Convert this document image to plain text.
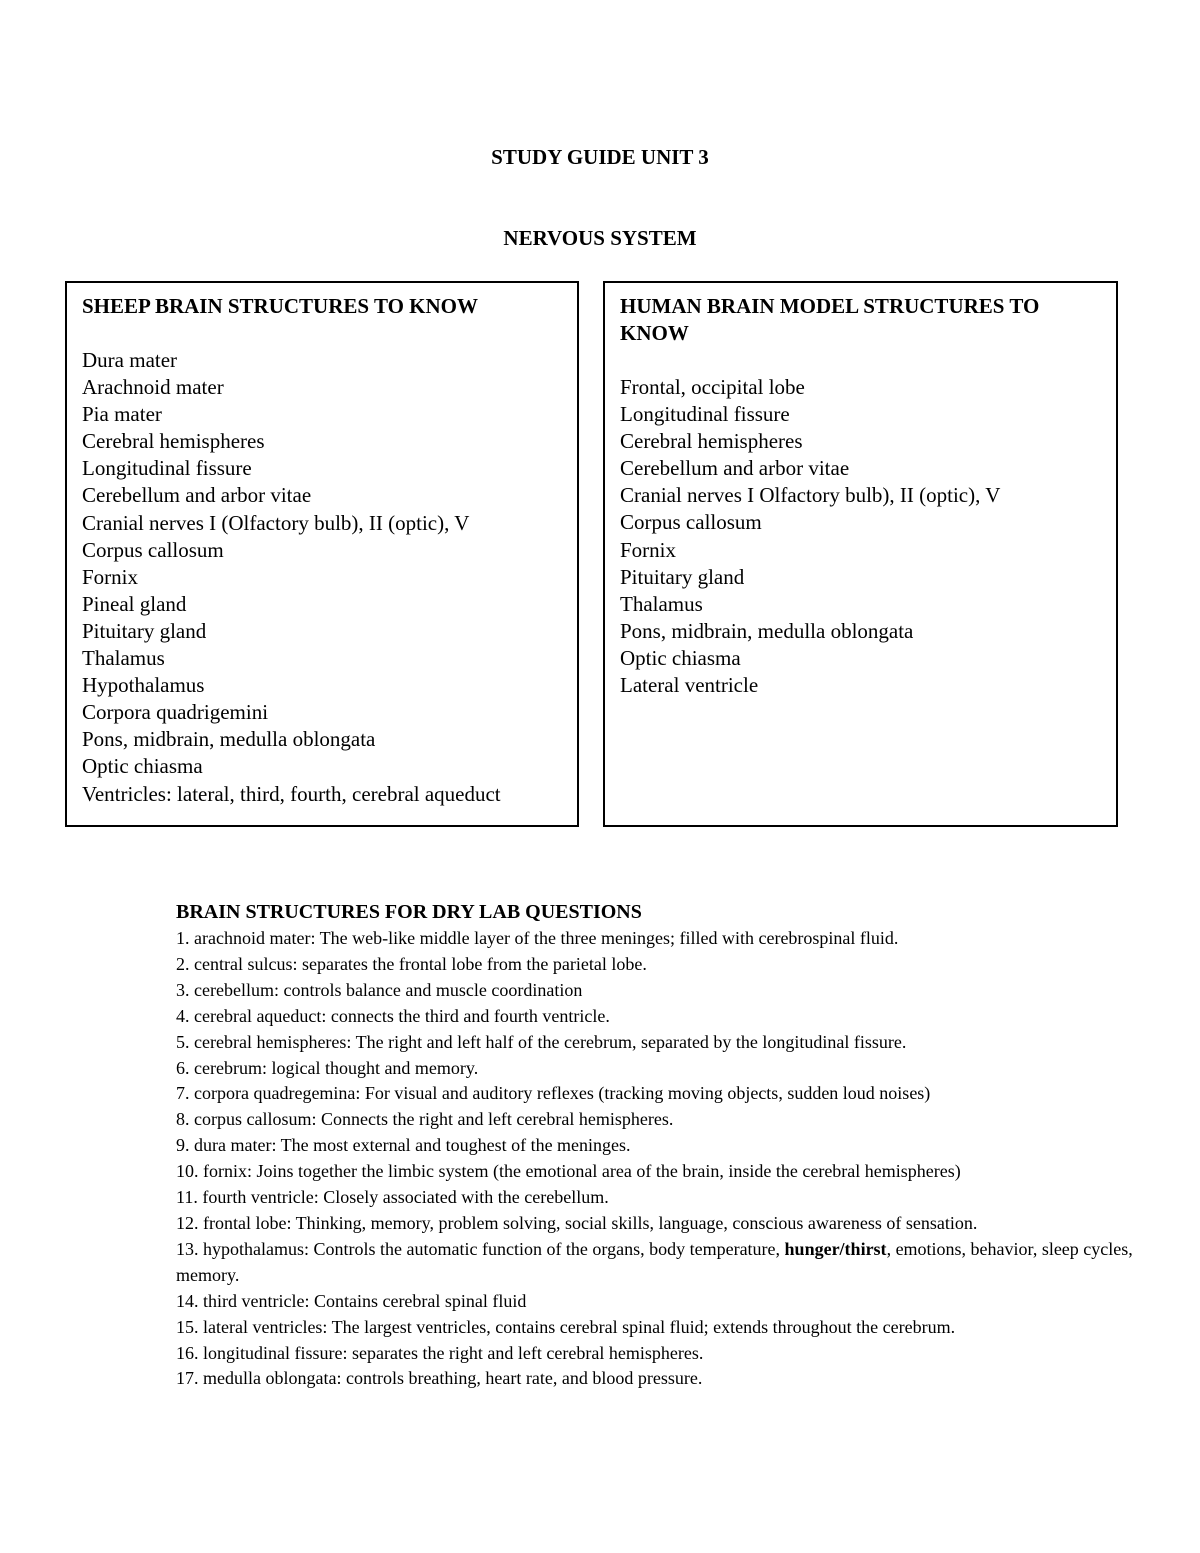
STUDY GUIDE UNIT 3
NERVOUS SYSTEM
SHEEP BRAIN STRUCTURES TO KNOW
Dura mater
Arachnoid mater
Pia mater
Cerebral hemispheres
Longitudinal fissure
Cerebellum and arbor vitae
Cranial nerves I (Olfactory bulb), II (optic), V
Corpus callosum
Fornix
Pineal gland
Pituitary gland
Thalamus
Hypothalamus
Corpora quadrigemini
Pons, midbrain, medulla oblongata
Optic chiasma
Ventricles: lateral, third, fourth, cerebral aqueduct
HUMAN BRAIN MODEL STRUCTURES TO KNOW
Frontal, occipital lobe
Longitudinal fissure
Cerebral hemispheres
Cerebellum and arbor vitae
Cranial nerves I Olfactory bulb), II (optic), V
Corpus callosum
Fornix
Pituitary gland
Thalamus
Pons, midbrain, medulla oblongata
Optic chiasma
Lateral ventricle
BRAIN STRUCTURES FOR DRY LAB QUESTIONS
1. arachnoid mater: The web-like middle layer of the three meninges; filled with cerebrospinal fluid.
2. central sulcus: separates the frontal lobe from the parietal lobe.
3. cerebellum: controls balance and muscle coordination
4. cerebral aqueduct: connects the third and fourth ventricle.
5. cerebral hemispheres: The right and left half of the cerebrum, separated by the longitudinal fissure.
6. cerebrum: logical thought and memory.
7. corpora quadregemina: For visual and auditory reflexes (tracking moving objects, sudden loud noises)
8. corpus callosum: Connects the right and left cerebral hemispheres.
9. dura mater: The most external and toughest of the meninges.
10. fornix: Joins together the limbic system (the emotional area of the brain, inside the cerebral hemispheres)
11. fourth ventricle: Closely associated with the cerebellum.
12. frontal lobe: Thinking, memory, problem solving, social skills, language, conscious awareness of sensation.
13. hypothalamus: Controls the automatic function of the organs, body temperature, hunger/thirst, emotions, behavior, sleep cycles, memory.
14. third ventricle: Contains cerebral spinal fluid
15. lateral ventricles: The largest ventricles, contains cerebral spinal fluid; extends throughout the cerebrum.
16. longitudinal fissure: separates the right and left cerebral hemispheres.
17. medulla oblongata: controls breathing, heart rate, and blood pressure.
